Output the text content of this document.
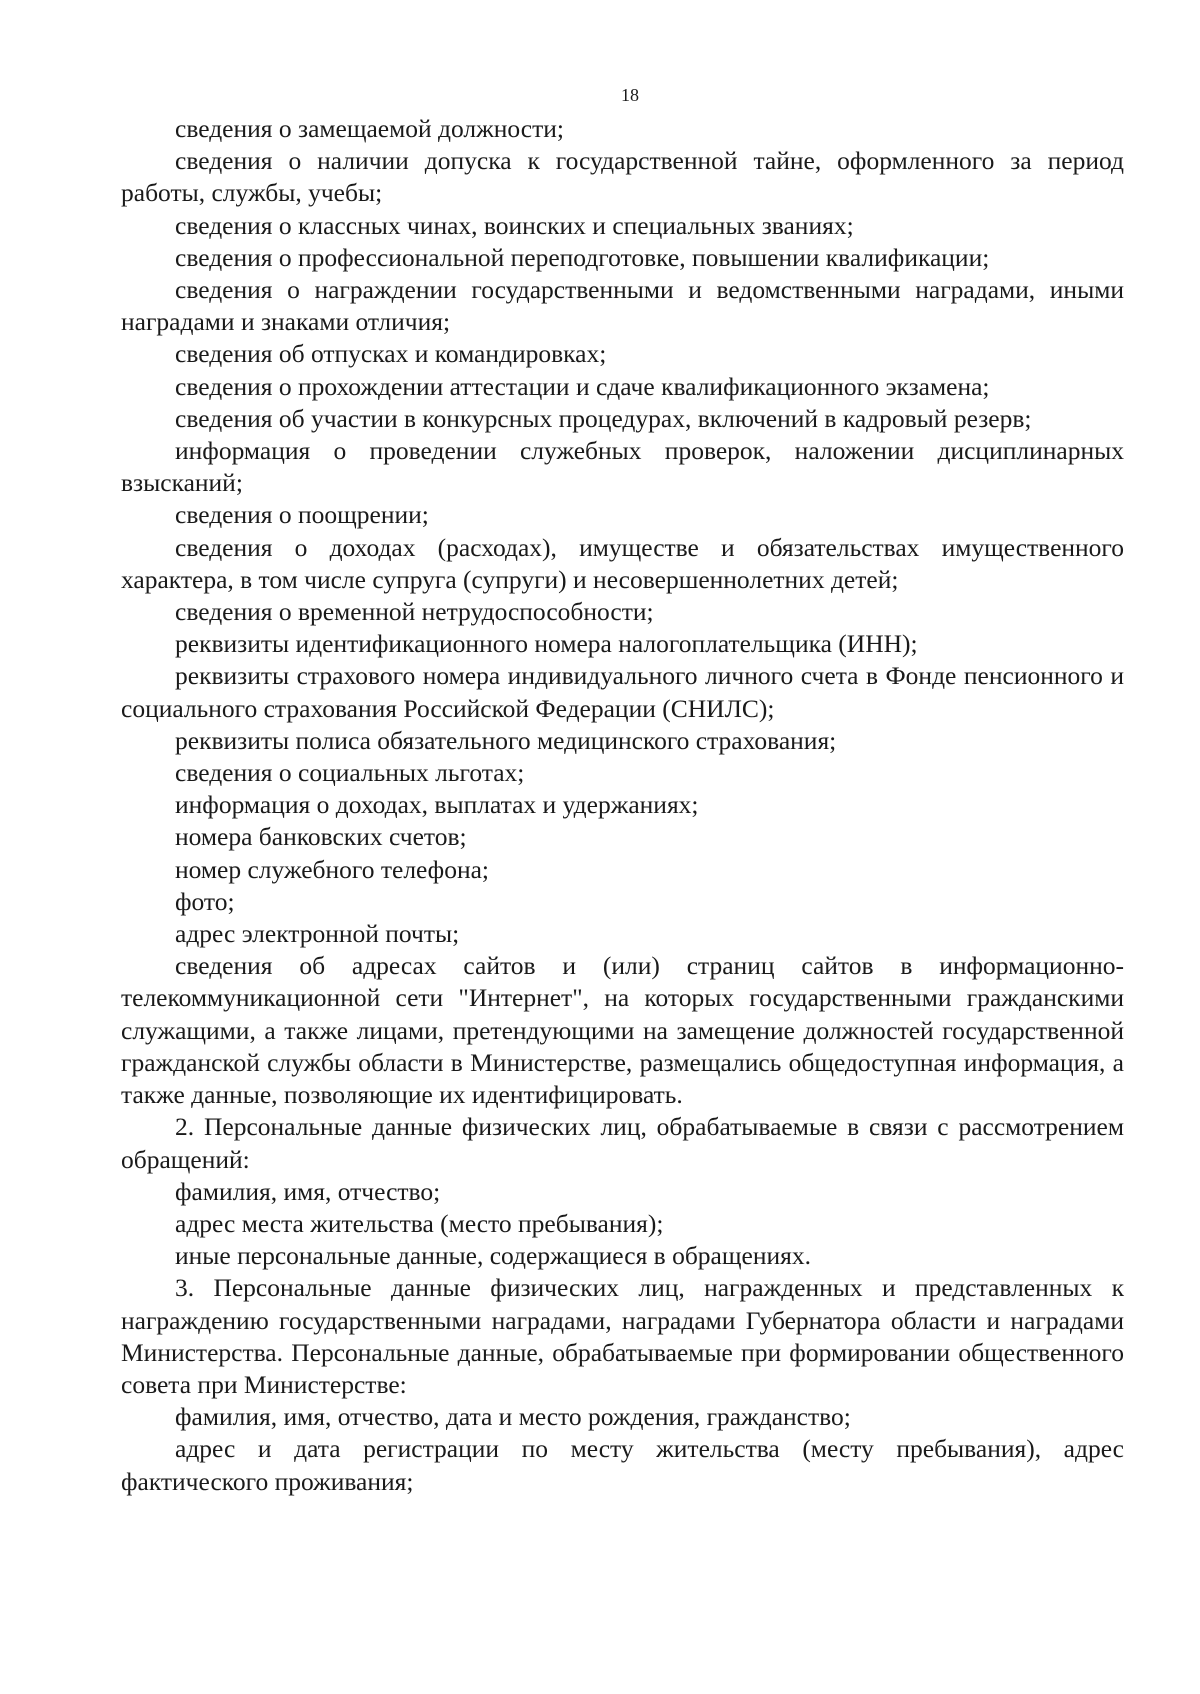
18

сведения о замещаемой должности;

сведения о наличии допуска к государственной тайне, оформленного за период работы, службы, учебы;

сведения о классных чинах, воинских и специальных званиях;

сведения о профессиональной переподготовке, повышении квалификации;

сведения о награждении государственными и ведомственными наградами, иными наградами и знаками отличия;

сведения об отпусках и командировках;

сведения о прохождении аттестации и сдаче квалификационного экзамена;

сведения об участии в конкурсных процедурах, включений в кадровый резерв;

информация о проведении служебных проверок, наложении дисциплинарных взысканий;

сведения о поощрении;

сведения о доходах (расходах), имуществе и обязательствах имущественного характера, в том числе супруга (супруги) и несовершеннолетних детей;

сведения о временной нетрудоспособности;

реквизиты идентификационного номера налогоплательщика (ИНН);

реквизиты страхового номера индивидуального личного счета в Фонде пенсионного и социального страхования Российской Федерации (СНИЛС);

реквизиты полиса обязательного медицинского страхования;

сведения о социальных льготах;

информация о доходах, выплатах и удержаниях;

номера банковских счетов;

номер служебного телефона;

фото;

адрес электронной почты;

сведения об адресах сайтов и (или) страниц сайтов в информационно-телекоммуникационной сети "Интернет", на которых государственными гражданскими служащими, а также лицами, претендующими на замещение должностей государственной гражданской службы области в Министерстве, размещались общедоступная информация, а также данные, позволяющие их идентифицировать.

2. Персональные данные физических лиц, обрабатываемые в связи с рассмотрением обращений:

фамилия, имя, отчество;

адрес места жительства (место пребывания);

иные персональные данные, содержащиеся в обращениях.

3. Персональные данные физических лиц, награжденных и представленных к награждению государственными наградами, наградами Губернатора области и наградами Министерства. Персональные данные, обрабатываемые при формировании общественного совета при Министерстве:

фамилия, имя, отчество, дата и место рождения, гражданство;

адрес и дата регистрации по месту жительства (месту пребывания), адрес фактического проживания;
